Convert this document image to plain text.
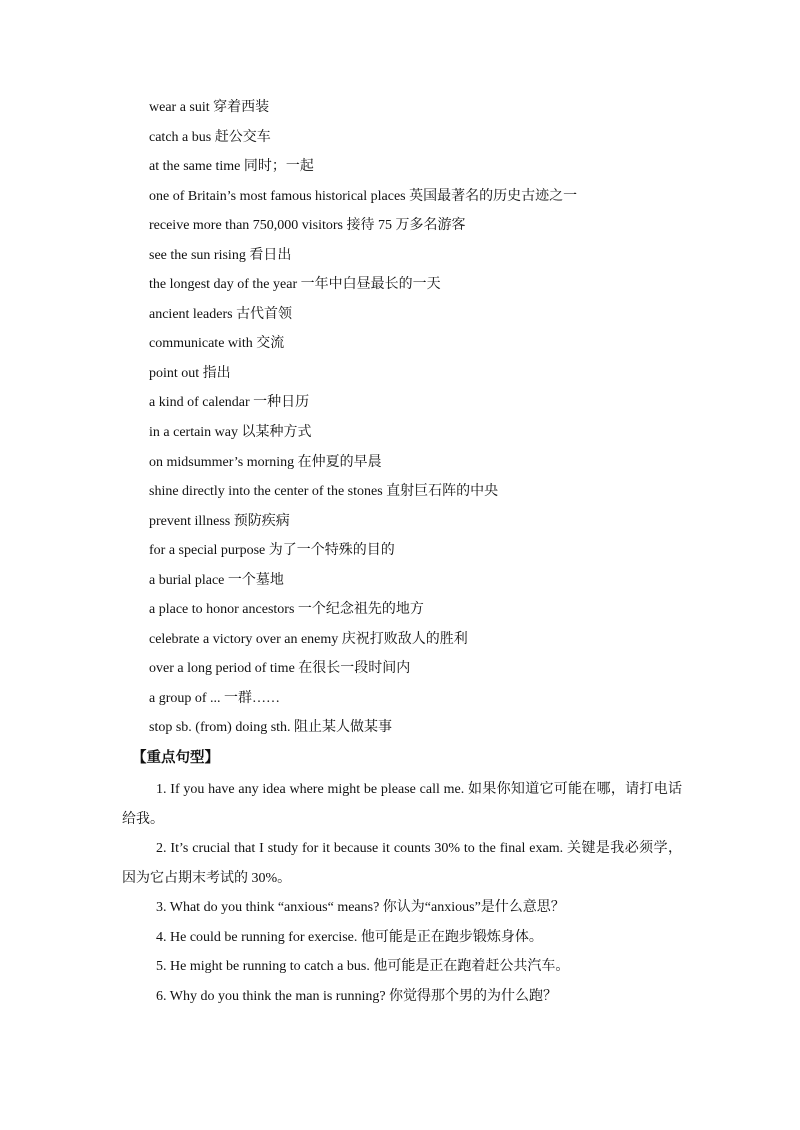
wear a suit 穿着西装
catch a bus 赶公交车
at the same time 同时；一起
one of Britain’s most famous historical places 英国最著名的历史古迹之一
receive more than 750,000 visitors 接待 75 万多名游客
see the sun rising 看日出
the longest day of the year 一年中白昼最长的一天
ancient leaders 古代首领
communicate with 交流
point out 指出
a kind of calendar 一种日历
in a certain way 以某种方式
on midsummer’s morning 在仲夏的早晨
shine directly into the center of the stones 直射巨石阵的中央
prevent illness 预防疾病
for a special purpose 为了一个特殊的目的
a burial place 一个墓地
a place to honor ancestors 一个纪念祖先的地方
celebrate a victory over an enemy 庆祝打败敌人的胜利
over a long period of time 在很长一段时间内
a group of ... 一群……
stop sb. (from) doing sth. 阻止某人做某事
【重点句型】

1. If you have any idea where might be please call me. 如果你知道它可能在哪，请打电话给我。

2. It’s crucial that I study for it because it counts 30% to the final exam. 关键是我必须学，因为它占期末考试的 30%。

3. What do you think “anxious“ means? 你认为“anxious”是什么意思？

4. He could be running for exercise. 他可能是正在跑步锻炼身体。

5. He might be running to catch a bus. 他可能是正在跑着赶公共汽车。

6. Why do you think the man is running? 你觉得那个男的为什么跑？
